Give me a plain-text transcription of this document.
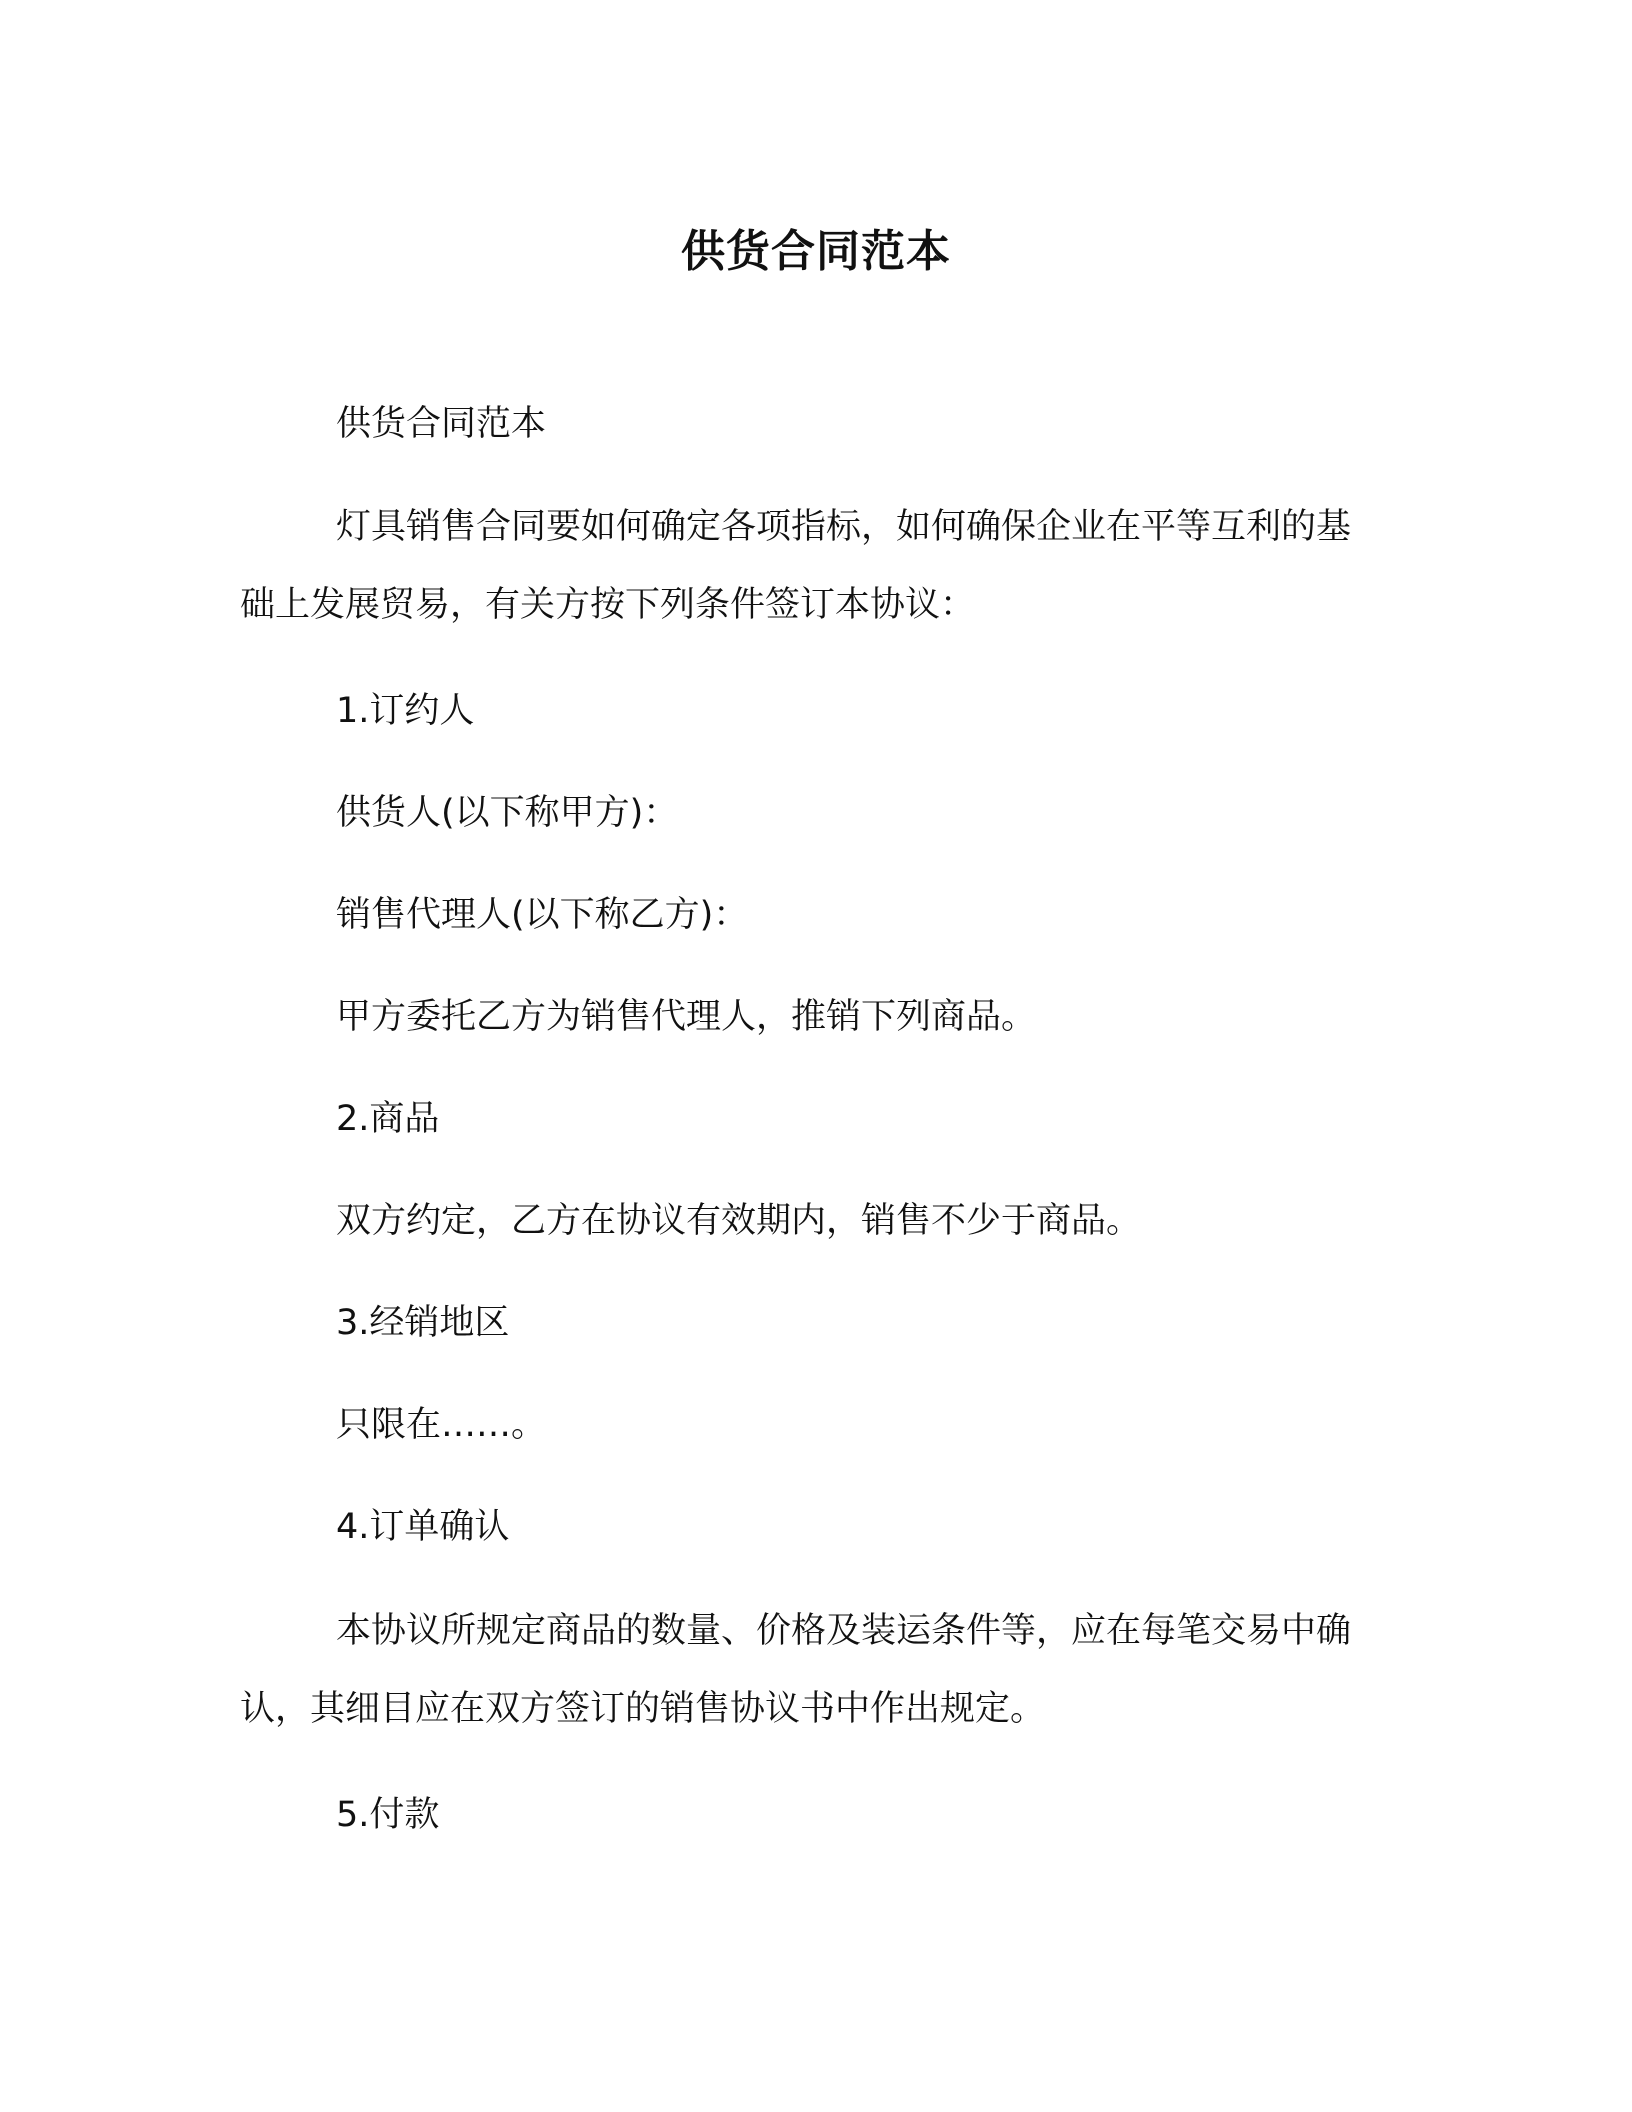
供货合同范本

供货合同范本

灯具销售合同要如何确定各项指标，如何确保企业在平等互利的基础上发展贸易，有关方按下列条件签订本协议：

1.订约人

供货人(以下称甲方)：

销售代理人(以下称乙方)：

甲方委托乙方为销售代理人，推销下列商品。

2.商品

双方约定，乙方在协议有效期内，销售不少于商品。

3.经销地区

只限在……。

4.订单确认

本协议所规定商品的数量、价格及装运条件等，应在每笔交易中确认，其细目应在双方签订的销售协议书中作出规定。

5.付款
